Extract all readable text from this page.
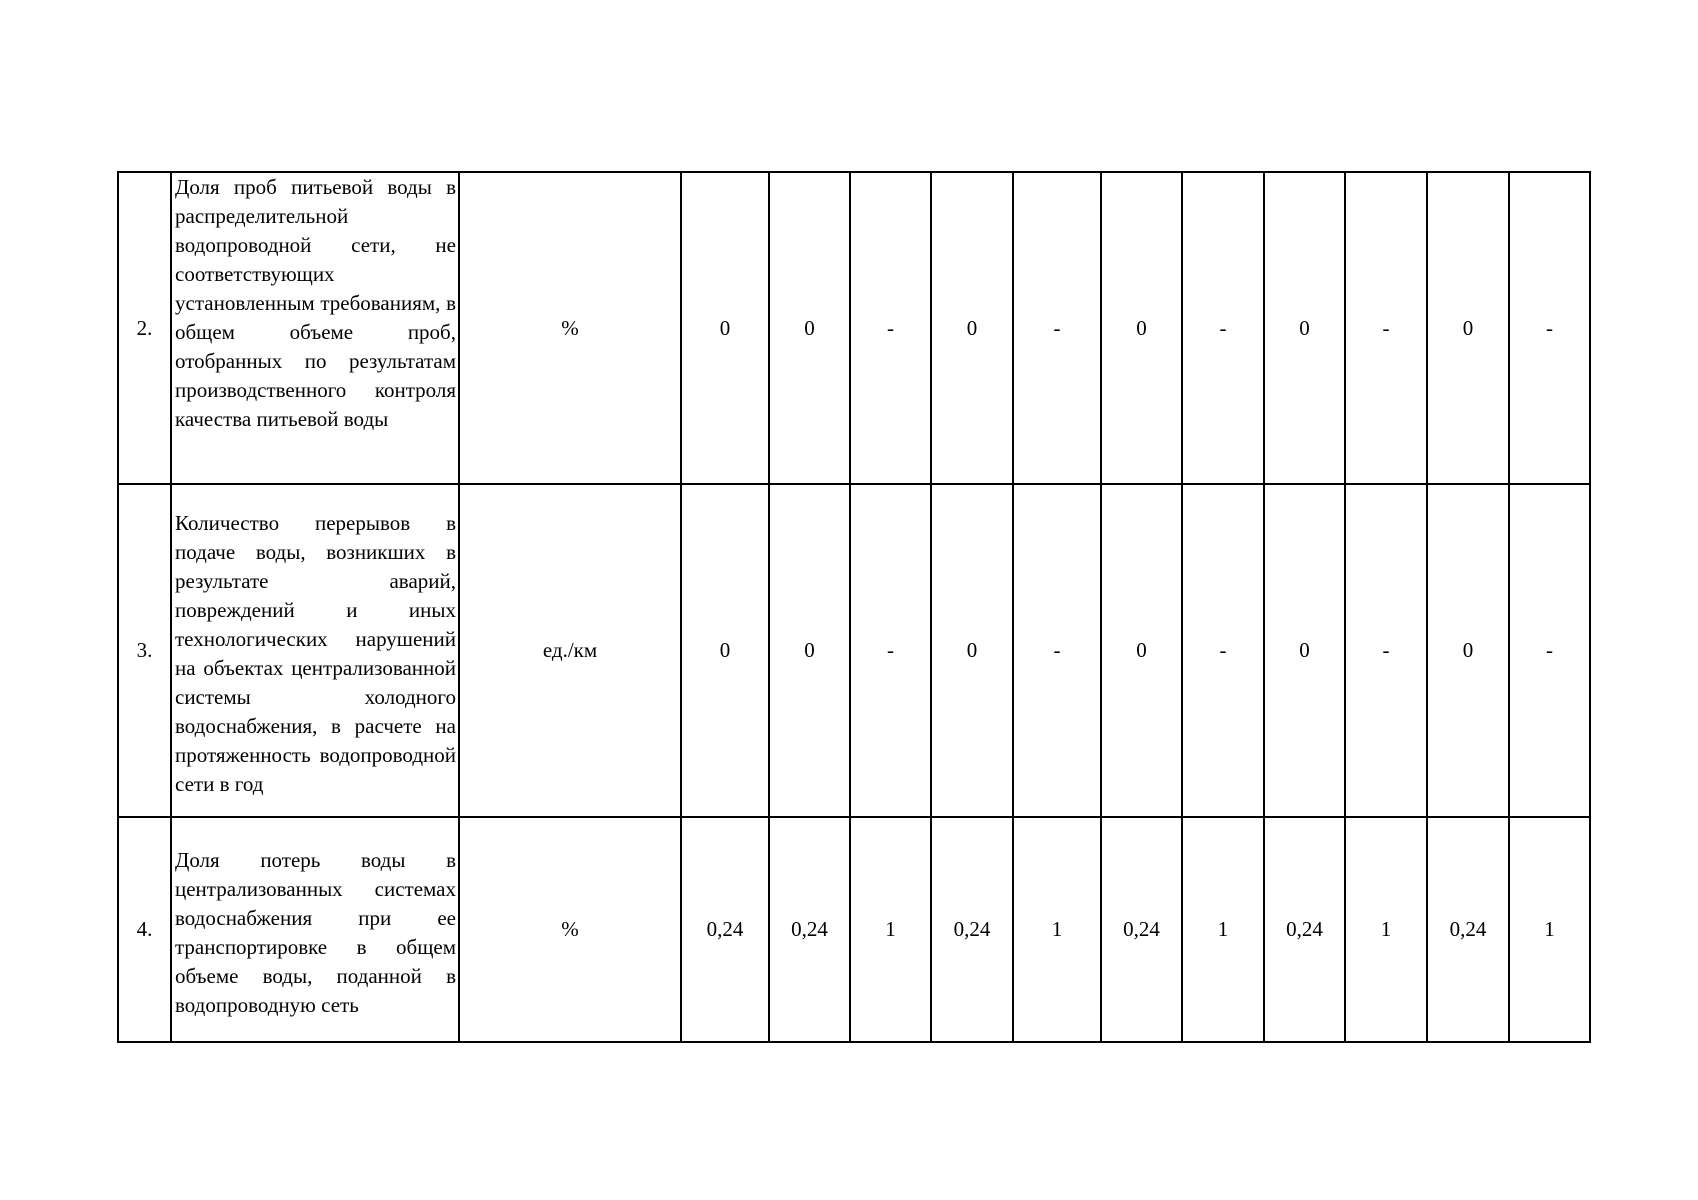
2.	Доля проб питьевой воды в распределительной водопроводной сети, не соответствующих установленным требованиям, в общем объеме проб, отобранных по результатам производственного контроля качества питьевой воды	%	0	0	-	0	-	0	-	0	-	0	-
3.	Количество перерывов в подаче воды, возникших в результате аварий, повреждений и иных технологических нарушений на объектах централизованной системы холодного водоснабжения, в расчете на протяженность водопроводной сети в год	ед./км	0	0	-	0	-	0	-	0	-	0	-
4.	Доля потерь воды в централизованных системах водоснабжения при ее транспортировке в общем объеме воды, поданной в водопроводную сеть	%	0,24	0,24	1	0,24	1	0,24	1	0,24	1	0,24	1
